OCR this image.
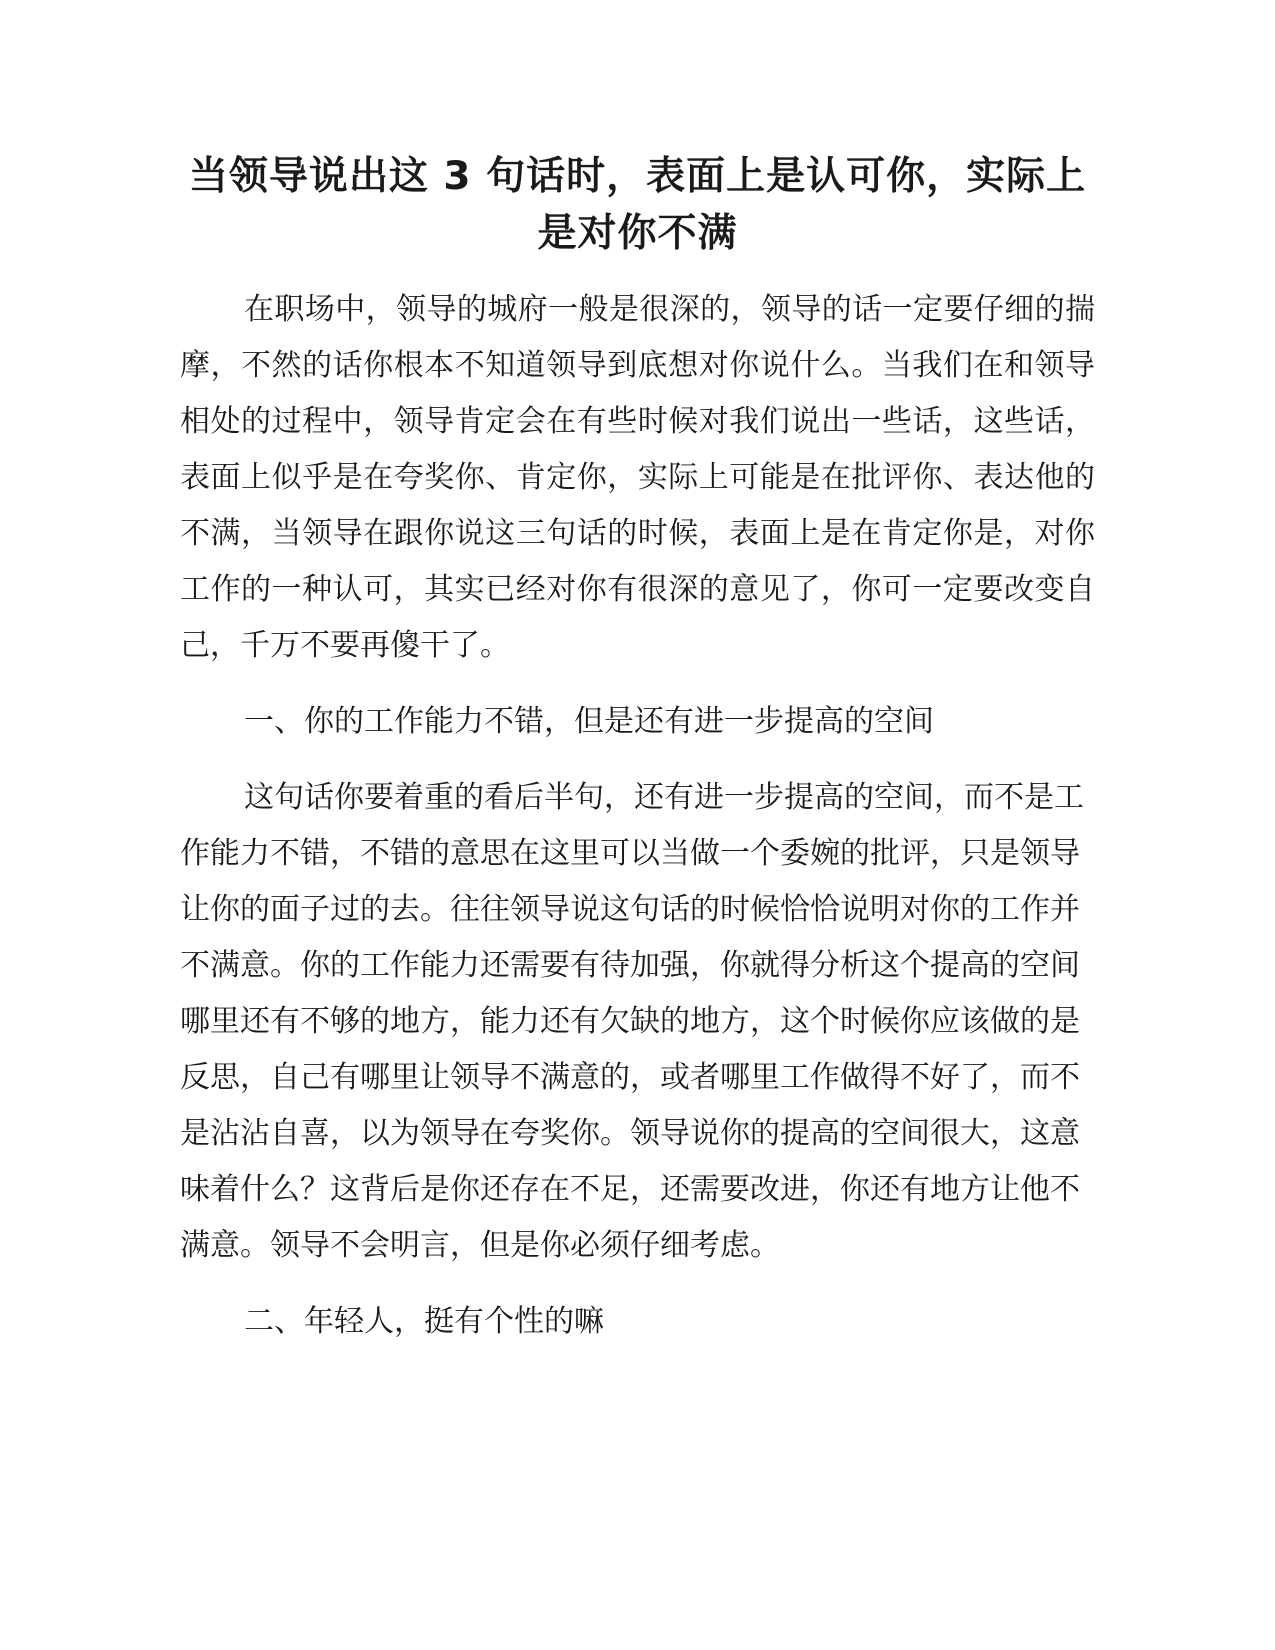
当领导说出这 3 句话时，表面上是认可你，实际上是对你不满

在职场中，领导的城府一般是很深的，领导的话一定要仔细的揣摩，不然的话你根本不知道领导到底想对你说什么。当我们在和领导相处的过程中，领导肯定会在有些时候对我们说出一些话，这些话，表面上似乎是在夸奖你、肯定你，实际上可能是在批评你、表达他的不满，当领导在跟你说这三句话的时候，表面上是在肯定你是，对你工作的一种认可，其实已经对你有很深的意见了，你可一定要改变自己，千万不要再傻干了。

一、你的工作能力不错，但是还有进一步提高的空间

这句话你要着重的看后半句，还有进一步提高的空间，而不是工作能力不错，不错的意思在这里可以当做一个委婉的批评，只是领导让你的面子过的去。往往领导说这句话的时候恰恰说明对你的工作并不满意。你的工作能力还需要有待加强，你就得分析这个提高的空间哪里还有不够的地方，能力还有欠缺的地方，这个时候你应该做的是反思，自己有哪里让领导不满意的，或者哪里工作做得不好了，而不是沾沾自喜，以为领导在夸奖你。领导说你的提高的空间很大，这意味着什么？这背后是你还存在不足，还需要改进，你还有地方让他不满意。领导不会明言，但是你必须仔细考虑。

二、年轻人，挺有个性的嘛
